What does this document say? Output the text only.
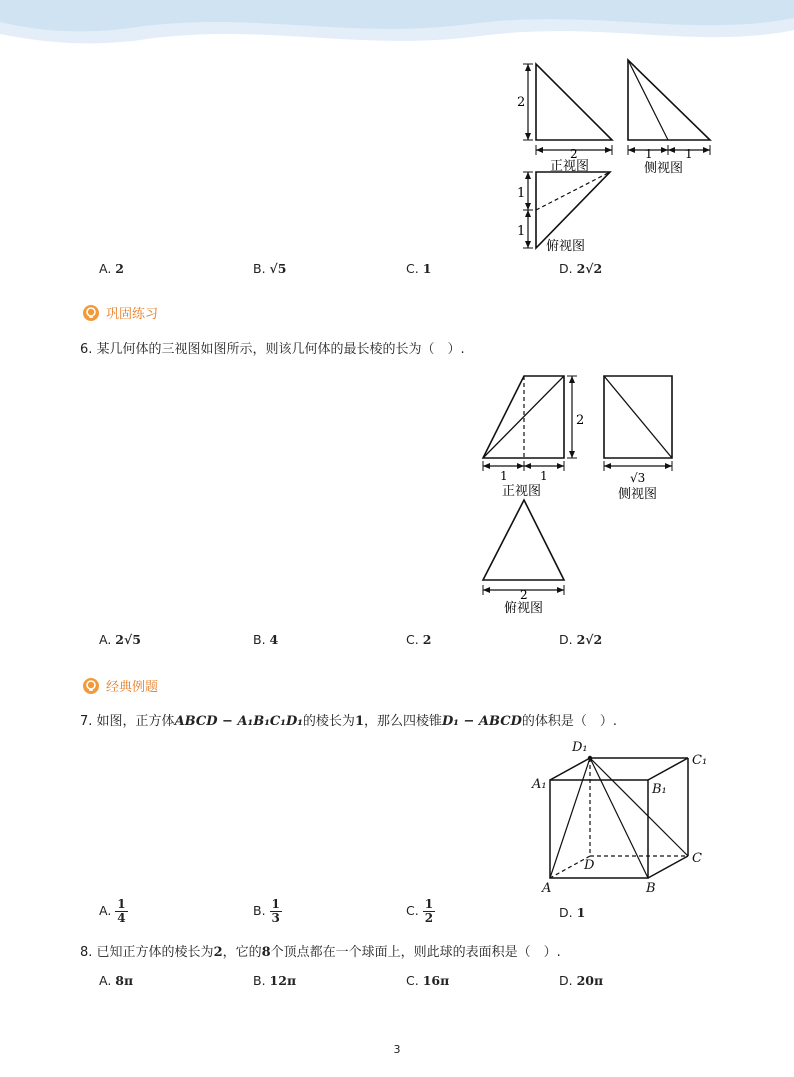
2
2	1	1
1
1
正视图	侧视图
俯视图
A. 2	B. √5	C. 1	D. 2√2
巩固练习
6. 某几何体的三视图如图所示，则该几何体的最长棱的长为（　）.
2
1	1	√3
2
正视图	侧视图
俯视图
A. 2√5	B. 4	C. 2	D. 2√2
经典例题
7. 如图，正方体ABCD − A₁B₁C₁D₁的棱长为1，那么四棱锥D₁ − ABCD的体积是（　）.
D₁
C₁
A₁	B₁
D	C
A	B
A. $\frac{1}{4}$	B. $\frac{1}{3}$	C. $\frac{1}{2}$	D. 1
8. 已知正方体的棱长为2，它的8个顶点都在一个球面上，则此球的表面积是（　）.
A. 8π	B. 12π	C. 16π	D. 20π
3
